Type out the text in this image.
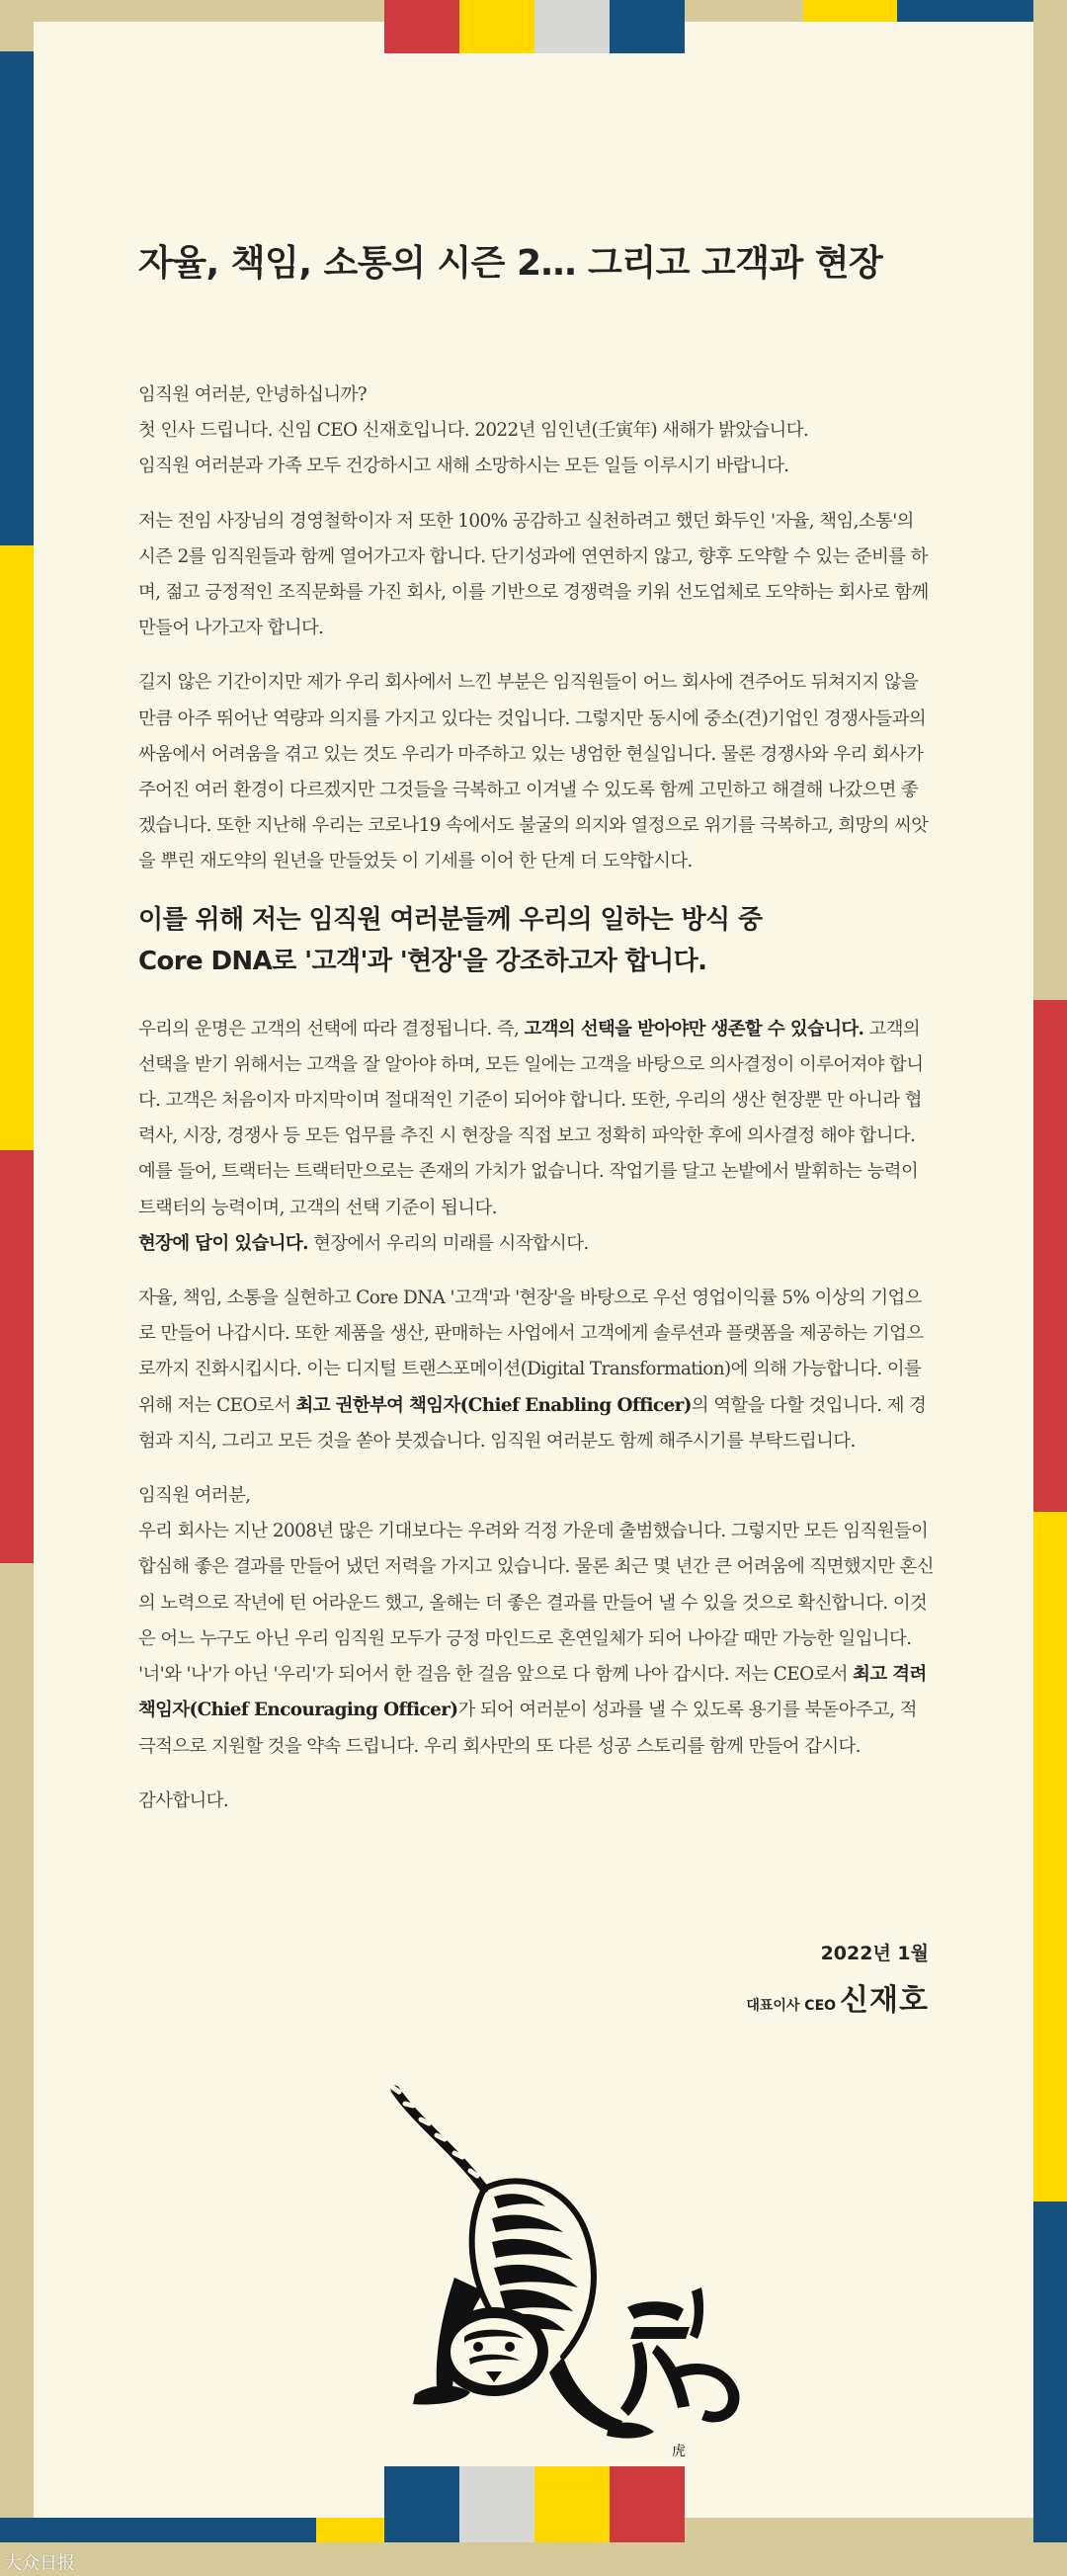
자율, 책임, 소통의 시즌 2… 그리고 고객과 현장

임직원 여러분, 안녕하십니까?
첫 인사 드립니다. 신임 CEO 신재호입니다. 2022년 임인년(壬寅年) 새해가 밝았습니다.
임직원 여러분과 가족 모두 건강하시고 새해 소망하시는 모든 일들 이루시기 바랍니다.

저는 전임 사장님의 경영철학이자 저 또한 100% 공감하고 실천하려고 했던 화두인 '자율, 책임,소통'의 시즌 2를 임직원들과 함께 열어가고자 합니다. 단기성과에 연연하지 않고, 향후 도약할 수 있는 준비를 하며, 젊고 긍정적인 조직문화를 가진 회사, 이를 기반으로 경쟁력을 키워 선도업체로 도약하는 회사로 함께 만들어 나가고자 합니다.

길지 않은 기간이지만 제가 우리 회사에서 느낀 부분은 임직원들이 어느 회사에 견주어도 뒤쳐지지 않을 만큼 아주 뛰어난 역량과 의지를 가지고 있다는 것입니다. 그렇지만 동시에 중소(견)기업인 경쟁사들과의 싸움에서 어려움을 겪고 있는 것도 우리가 마주하고 있는 냉엄한 현실입니다. 물론 경쟁사와 우리 회사가 주어진 여러 환경이 다르겠지만 그것들을 극복하고 이겨낼 수 있도록 함께 고민하고 해결해 나갔으면 좋겠습니다. 또한 지난해 우리는 코로나19 속에서도 불굴의 의지와 열정으로 위기를 극복하고, 희망의 씨앗을 뿌린 재도약의 원년을 만들었듯 이 기세를 이어 한 단계 더 도약합시다.

이를 위해 저는 임직원 여러분들께 우리의 일하는 방식 중
Core DNA로 '고객'과 '현장'을 강조하고자 합니다.

우리의 운명은 고객의 선택에 따라 결정됩니다. 즉, 고객의 선택을 받아야만 생존할 수 있습니다. 고객의 선택을 받기 위해서는 고객을 잘 알아야 하며, 모든 일에는 고객을 바탕으로 의사결정이 이루어져야 합니다. 고객은 처음이자 마지막이며 절대적인 기준이 되어야 합니다. 또한, 우리의 생산 현장뿐 만 아니라 협력사, 시장, 경쟁사 등 모든 업무를 추진 시 현장을 직접 보고 정확히 파악한 후에 의사결정 해야 합니다. 예를 들어, 트랙터는 트랙터만으로는 존재의 가치가 없습니다. 작업기를 달고 논밭에서 발휘하는 능력이 트랙터의 능력이며, 고객의 선택 기준이 됩니다.
현장에 답이 있습니다. 현장에서 우리의 미래를 시작합시다.

자율, 책임, 소통을 실현하고 Core DNA '고객'과 '현장'을 바탕으로 우선 영업이익률 5% 이상의 기업으로 만들어 나갑시다. 또한 제품을 생산, 판매하는 사업에서 고객에게 솔루션과 플랫폼을 제공하는 기업으로까지 진화시킵시다. 이는 디지털 트랜스포메이션(Digital Transformation)에 의해 가능합니다. 이를 위해 저는 CEO로서 최고 권한부여 책임자(Chief Enabling Officer)의 역할을 다할 것입니다. 제 경험과 지식, 그리고 모든 것을 쏟아 붓겠습니다. 임직원 여러분도 함께 해주시기를 부탁드립니다.

임직원 여러분,
우리 회사는 지난 2008년 많은 기대보다는 우려와 걱정 가운데 출범했습니다. 그렇지만 모든 임직원들이 합심해 좋은 결과를 만들어 냈던 저력을 가지고 있습니다. 물론 최근 몇 년간 큰 어려움에 직면했지만 혼신의 노력으로 작년에 턴 어라운드 했고, 올해는 더 좋은 결과를 만들어 낼 수 있을 것으로 확신합니다. 이것은 어느 누구도 아닌 우리 임직원 모두가 긍정 마인드로 혼연일체가 되어 나아갈 때만 가능한 일입니다. '너'와 '나'가 아닌 '우리'가 되어서 한 걸음 한 걸음 앞으로 다 함께 나아 갑시다. 저는 CEO로서 최고 격려 책임자(Chief Encouraging Officer)가 되어 여러분이 성과를 낼 수 있도록 용기를 북돋아주고, 적극적으로 지원할 것을 약속 드립니다. 우리 회사만의 또 다른 성공 스토리를 함께 만들어 갑시다.

감사합니다.

2022년 1월
대표이사 CEO 신재호
虎
大众日报
